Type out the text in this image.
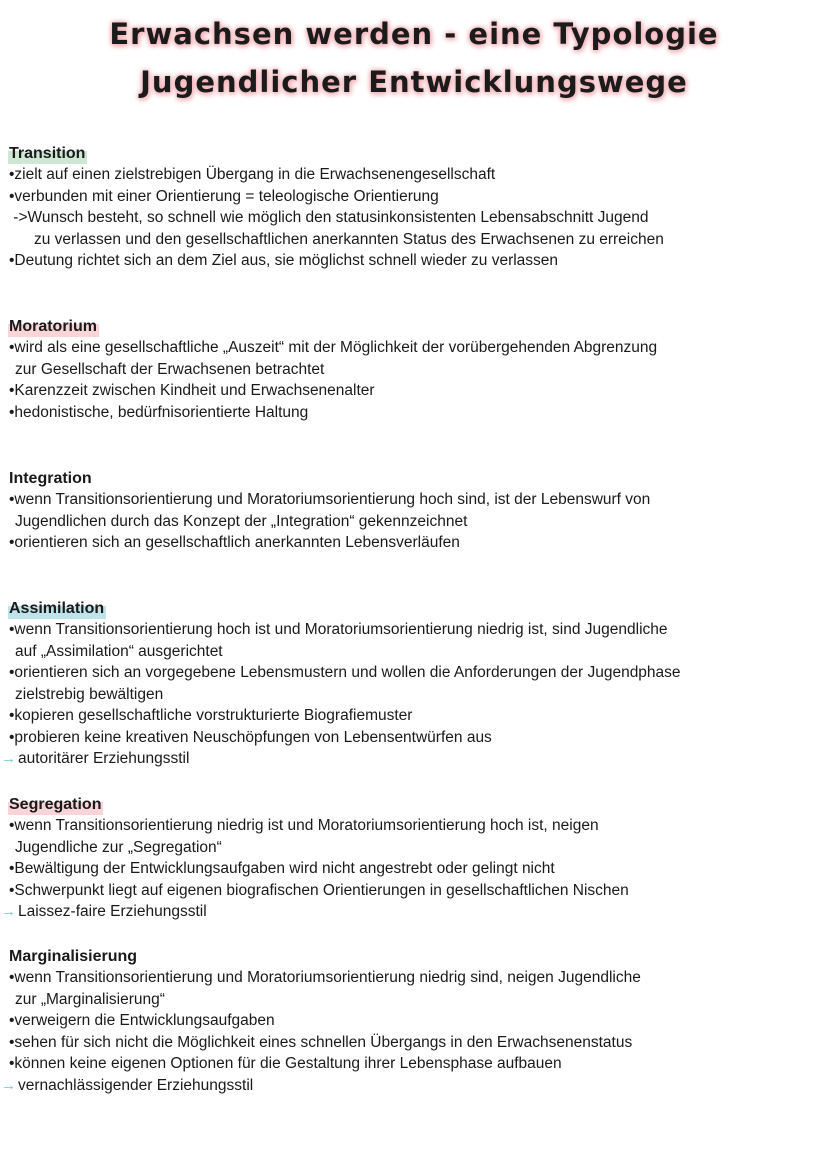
Erwachsen werden - eine Typologie
Jugendlicher Entwicklungswege
Transition
•zielt auf einen zielstrebigen Übergang in die Erwachsenengesellschaft
•verbunden mit einer Orientierung = teleologische Orientierung
->Wunsch besteht, so schnell wie möglich den statusinkonsistenten Lebensabschnitt Jugend
zu verlassen und den gesellschaftlichen anerkannten Status des Erwachsenen zu erreichen
•Deutung richtet sich an dem Ziel aus, sie möglichst schnell wieder zu verlassen
Moratorium
•wird als eine gesellschaftliche „Auszeit“ mit der Möglichkeit der vorübergehenden Abgrenzung
zur Gesellschaft der Erwachsenen betrachtet
•Karenzzeit zwischen Kindheit und Erwachsenenalter
•hedonistische, bedürfnisorientierte Haltung
Integration
•wenn Transitionsorientierung und Moratoriumsorientierung hoch sind, ist der Lebenswurf von
Jugendlichen durch das Konzept der „Integration“ gekennzeichnet
•orientieren sich an gesellschaftlich anerkannten Lebensverläufen
Assimilation
•wenn Transitionsorientierung hoch ist und Moratoriumsorientierung niedrig ist, sind Jugendliche
auf „Assimilation“ ausgerichtet
•orientieren sich an vorgegebene Lebensmustern und wollen die Anforderungen der Jugendphase
zielstrebig bewältigen
•kopieren gesellschaftliche vorstrukturierte Biografiemuster
•probieren keine kreativen Neuschöpfungen von Lebensentwürfen aus
→ autoritärer Erziehungsstil
Segregation
•wenn Transitionsorientierung niedrig ist und Moratoriumsorientierung hoch ist, neigen
Jugendliche zur „Segregation“
•Bewältigung der Entwicklungsaufgaben wird nicht angestrebt oder gelingt nicht
•Schwerpunkt liegt auf eigenen biografischen Orientierungen in gesellschaftlichen Nischen
→ Laissez-faire Erziehungsstil
Marginalisierung
•wenn Transitionsorientierung und Moratoriumsorientierung niedrig sind, neigen Jugendliche
zur „Marginalisierung“
•verweigern die Entwicklungsaufgaben
•sehen für sich nicht die Möglichkeit eines schnellen Übergangs in den Erwachsenenstatus
•können keine eigenen Optionen für die Gestaltung ihrer Lebensphase aufbauen
→ vernachlässigender Erziehungsstil
